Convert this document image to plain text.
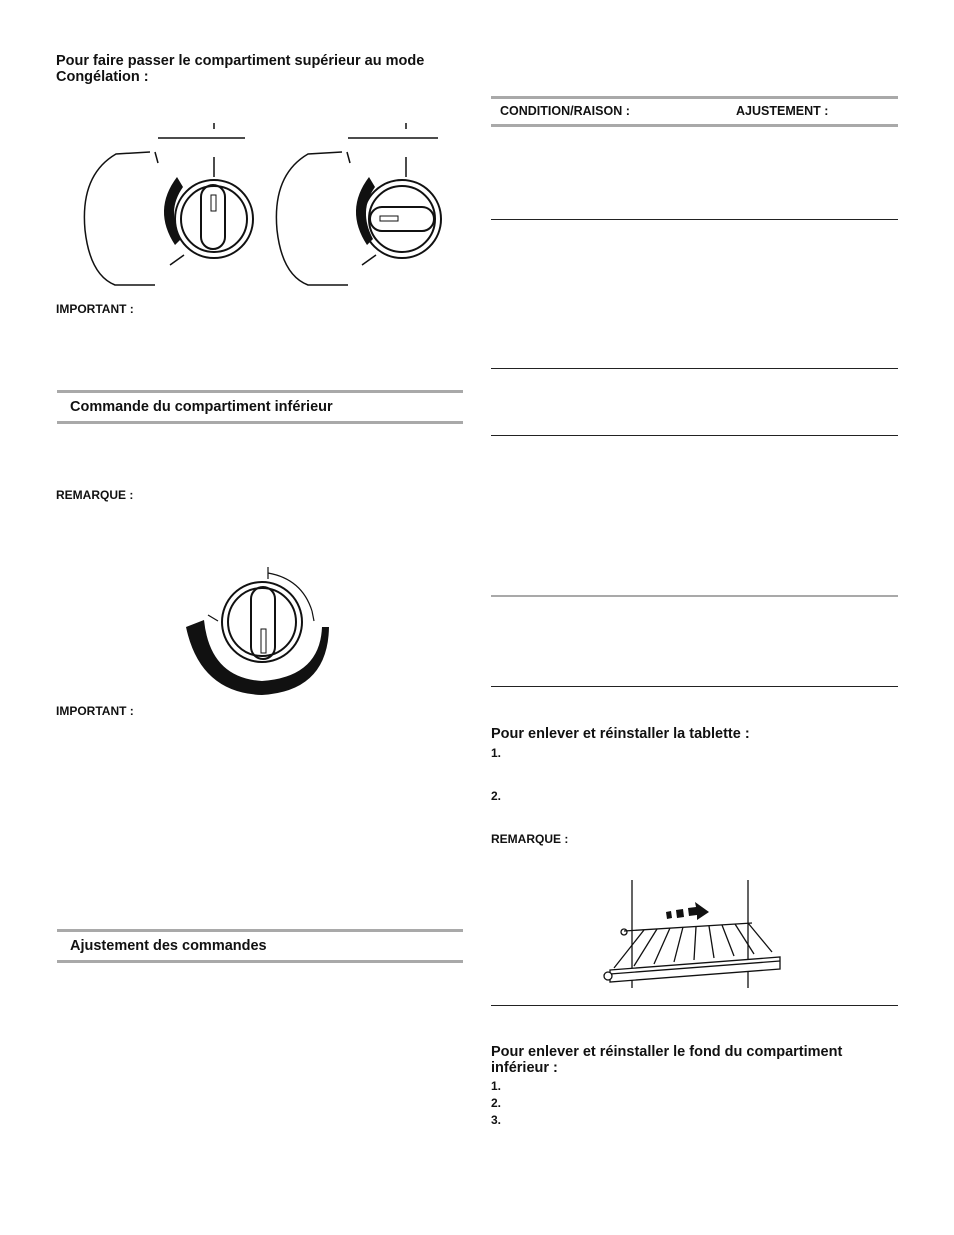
Pour faire passer le compartiment supérieur au mode
Congélation :
IMPORTANT :
Commande du compartiment inférieur
REMARQUE :
IMPORTANT :
Ajustement des commandes
CONDITION/RAISON :	AJUSTEMENT :
Pour enlever et réinstaller la tablette :
1.
2.
REMARQUE :
Pour enlever et réinstaller le fond du compartiment
inférieur :
1.
2.
3.
